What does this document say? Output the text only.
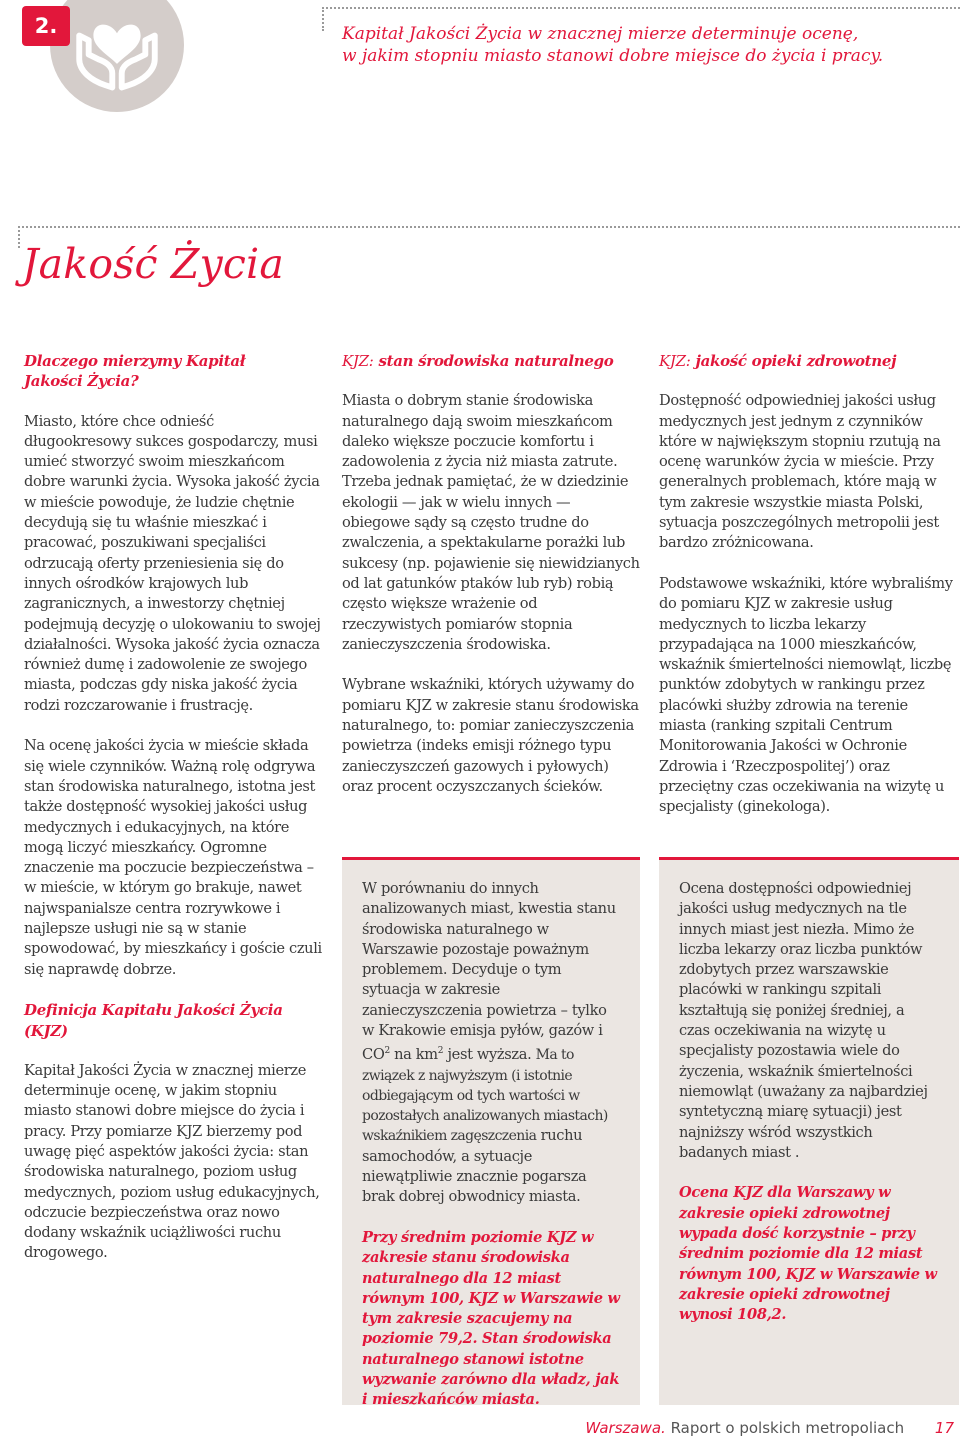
2.	Kapitał Jakości Życia w znacznej mierze determinuje ocenę,
w jakim stopniu miasto stanowi dobre miejsce do życia i pracy.
Jakość Życia
Dlaczego mierzymy Kapitał Jakości Życia?

Miasto, które chce odnieść długookresowy sukces gospodarczy, musi umieć stworzyć swoim mieszkańcom dobre warunki życia. Wysoka jakość życia w mieście powoduje, że ludzie chętnie decydują się tu właśnie mieszkać i pracować, poszukiwani specjaliści odrzucają oferty przeniesienia się do innych ośrodków krajowych lub zagranicznych, a inwestorzy chętniej podejmują decyzję o ulokowaniu to swojej działalności. Wysoka jakość życia oznacza również dumę i zadowolenie ze swojego miasta, podczas gdy niska jakość życia rodzi rozczarowanie i frustrację.

Na ocenę jakości życia w mieście składa się wiele czynników. Ważną rolę odgrywa stan środowiska naturalnego, istotna jest także dostępność wysokiej jakości usług medycznych i edukacyjnych, na które mogą liczyć mieszkańcy. Ogromne znaczenie ma poczucie bezpieczeństwa – w mieście, w którym go brakuje, nawet najwspanialsze centra rozrywkowe i najlepsze usługi nie są w stanie spowodować, by mieszkańcy i goście czuli się naprawdę dobrze.

Definicja Kapitału Jakości Życia (KJZ)

Kapitał Jakości Życia w znacznej mierze determinuje ocenę, w jakim stopniu miasto stanowi dobre miejsce do życia i pracy. Przy pomiarze KJZ bierzemy pod uwagę pięć aspektów jakości życia: stan środowiska naturalnego, poziom usług medycznych, poziom usług edukacyjnych, odczucie bezpieczeństwa oraz nowo dodany wskaźnik uciążliwości ruchu drogowego.

KJZ: stan środowiska naturalnego

Miasta o dobrym stanie środowiska naturalnego dają swoim mieszkańcom daleko większe poczucie komfortu i zadowolenia z życia niż miasta zatrute. Trzeba jednak pamiętać, że w dziedzinie ekologii — jak w wielu innych — obiegowe sądy są często trudne do zwalczenia, a spektakularne porażki lub sukcesy (np. pojawienie się niewidzianych od lat gatunków ptaków lub ryb) robią często większe wrażenie od rzeczywistych pomiarów stopnia zanieczyszczenia środowiska.

Wybrane wskaźniki, których używamy do pomiaru KJZ w zakresie stanu środowiska naturalnego, to: pomiar zanieczyszczenia powietrza (indeks emisji różnego typu zanieczyszczeń gazowych i pyłowych) oraz procent oczyszczanych ścieków.

KJZ: jakość opieki zdrowotnej

Dostępność odpowiedniej jakości usług medycznych jest jednym z czynników które w największym stopniu rzutują na ocenę warunków życia w mieście. Przy generalnych problemach, które mają w tym zakresie wszystkie miasta Polski, sytuacja poszczególnych metropolii jest bardzo zróżnicowana.

Podstawowe wskaźniki, które wybraliśmy do pomiaru KJZ w zakresie usług medycznych to liczba lekarzy przypadająca na 1000 mieszkańców, wskaźnik śmiertelności niemowląt, liczbę punktów zdobytych w rankingu przez placówki służby zdrowia na terenie miasta (ranking szpitali Centrum Monitorowania Jakości w Ochronie Zdrowia i ‘Rzeczpospolitej’) oraz przeciętny czas oczekiwania na wizytę u specjalisty (ginekologa).

W porównaniu do innych analizowanych miast, kwestia stanu środowiska naturalnego w Warszawie pozostaje poważnym problemem. Decyduje o tym sytuacja w zakresie zanieczyszczenia powietrza – tylko w Krakowie emisja pyłów, gazów i $CO^2$ na $km^2$ jest wyższa. Ma to związek z najwyższym (i istotnie odbiegającym od tych wartości w pozostałych analizowanych miastach) wskaźnikiem zagęszczenia ruchu samochodów, a sytuacje niewątpliwie znacznie pogarsza brak dobrej obwodnicy miasta.

Przy średnim poziomie KJZ w zakresie stanu środowiska naturalnego dla 12 miast równym 100, KJZ w Warszawie w tym zakresie szacujemy na poziomie 79,2. Stan środowiska naturalnego stanowi istotne wyzwanie zarówno dla władz, jak i mieszkańców miasta.

Ocena dostępności odpowiedniej jakości usług medycznych na tle innych miast jest niezła. Mimo że liczba lekarzy oraz liczba punktów zdobytych przez warszawskie placówki w rankingu szpitali kształtują się poniżej średniej, a czas oczekiwania na wizytę u specjalisty pozostawia wiele do życzenia, wskaźnik śmiertelności niemowląt (uważany za najbardziej syntetyczną miarę sytuacji) jest najniższy wśród wszystkich badanych miast .

Ocena KJZ dla Warszawy w zakresie opieki zdrowotnej wypada dość korzystnie – przy średnim poziomie dla 12 miast równym 100, KJZ w Warszawie w zakresie opieki zdrowotnej wynosi 108,2.

Warszawa. Raport o polskich metropoliach 17
